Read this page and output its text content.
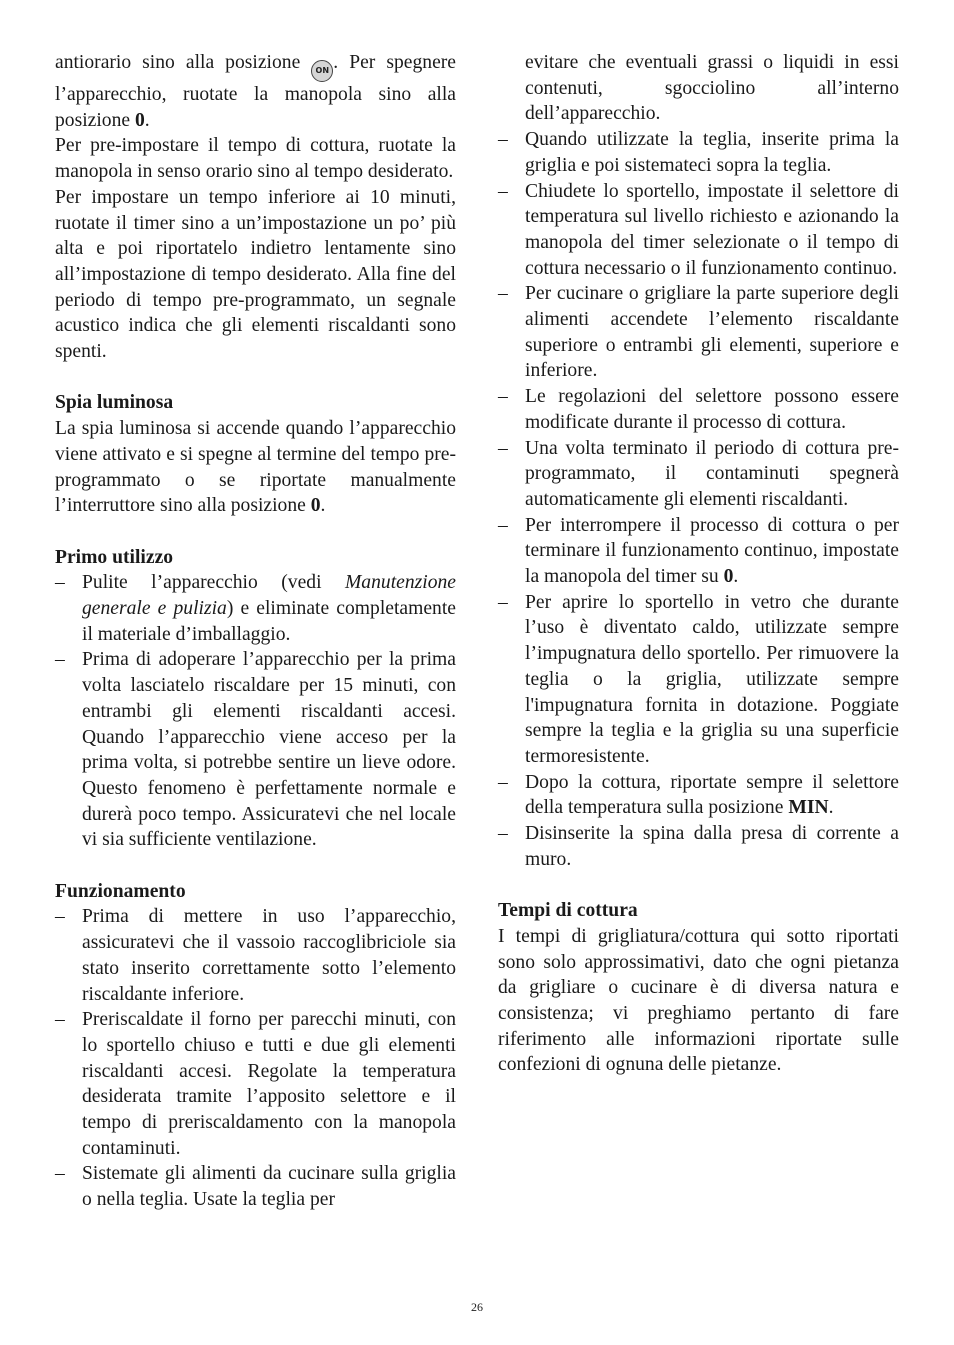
antiorario sino alla posizione ON . Per spegnere l’apparecchio, ruotate la manopola sino alla posizione 0.

Per pre-impostare il tempo di cottura, ruotate la manopola in senso orario sino al tempo desiderato.

Per impostare un tempo inferiore ai 10 minuti, ruotate il timer sino a un’impostazione un po’ più alta e poi riportatelo indietro lentamente sino all’impostazione di tempo desiderato. Alla fine del periodo di tempo pre-programmato, un segnale acustico indica che gli elementi riscaldanti sono spenti.

Spia luminosa

La spia luminosa si accende quando l’apparecchio viene attivato e si spegne al termine del tempo pre-programmato o se riportate manualmente l’interruttore sino alla posizione 0.

Primo utilizzo
– Pulite l’apparecchio (vedi Manutenzione generale e pulizia) e eliminate completamente il materiale d’imballaggio.
– Prima di adoperare l’apparecchio per la prima volta lasciatelo riscaldare per 15 minuti, con entrambi gli elementi riscaldanti accesi. Quando l’apparecchio viene acceso per la prima volta, si potrebbe sentire un lieve odore. Questo fenomeno è perfettamente normale e durerà poco tempo. Assicuratevi che nel locale vi sia sufficiente ventilazione.
Funzionamento
– Prima di mettere in uso l’apparecchio, assicuratevi che il vassoio raccoglibriciole sia stato inserito correttamente sotto l’elemento riscaldante inferiore.
– Preriscaldate il forno per parecchi minuti, con lo sportello chiuso e tutti e due gli elementi riscaldanti accesi. Regolate la temperatura desiderata tramite l’apposito selettore e il tempo di preriscaldamento con la manopola contaminuti.
– Sistemate gli alimenti da cucinare sulla griglia o nella teglia. Usate la teglia per
evitare che eventuali grassi o liquidi in essi contenuti, sgocciolino all’interno dell’apparecchio.
– Quando utilizzate la teglia, inserite prima la griglia e poi sistemateci sopra la teglia.
– Chiudete lo sportello, impostate il selettore di temperatura sul livello richiesto e azionando la manopola del timer selezionate o il tempo di cottura necessario o il funzionamento continuo.
– Per cucinare o grigliare la parte superiore degli alimenti accendete l’elemento riscaldante superiore o entrambi gli elementi, superiore e inferiore.
– Le regolazioni del selettore possono essere modificate durante il processo di cottura.
– Una volta terminato il periodo di cottura pre-programmato, il contaminuti spegnerà automaticamente gli elementi riscaldanti.
– Per interrompere il processo di cottura o per terminare il funzionamento continuo, impostate la manopola del timer su 0.
– Per aprire lo sportello in vetro che durante l’uso è diventato caldo, utilizzate sempre l’impugnatura dello sportello. Per rimuovere la teglia o la griglia, utilizzate sempre l'impugnatura fornita in dotazione. Poggiate sempre la teglia e la griglia su una superficie termoresistente.
– Dopo la cottura, riportate sempre il selettore della temperatura sulla posizione MIN.
– Disinserite la spina dalla presa di corrente a muro.
Tempi di cottura

I tempi di grigliatura/cottura qui sotto riportati sono solo approssimativi, dato che ogni pietanza da grigliare o cucinare è di diversa natura e consistenza; vi preghiamo pertanto di fare riferimento alle informazioni riportate sulle confezioni di ognuna delle pietanze.

26
